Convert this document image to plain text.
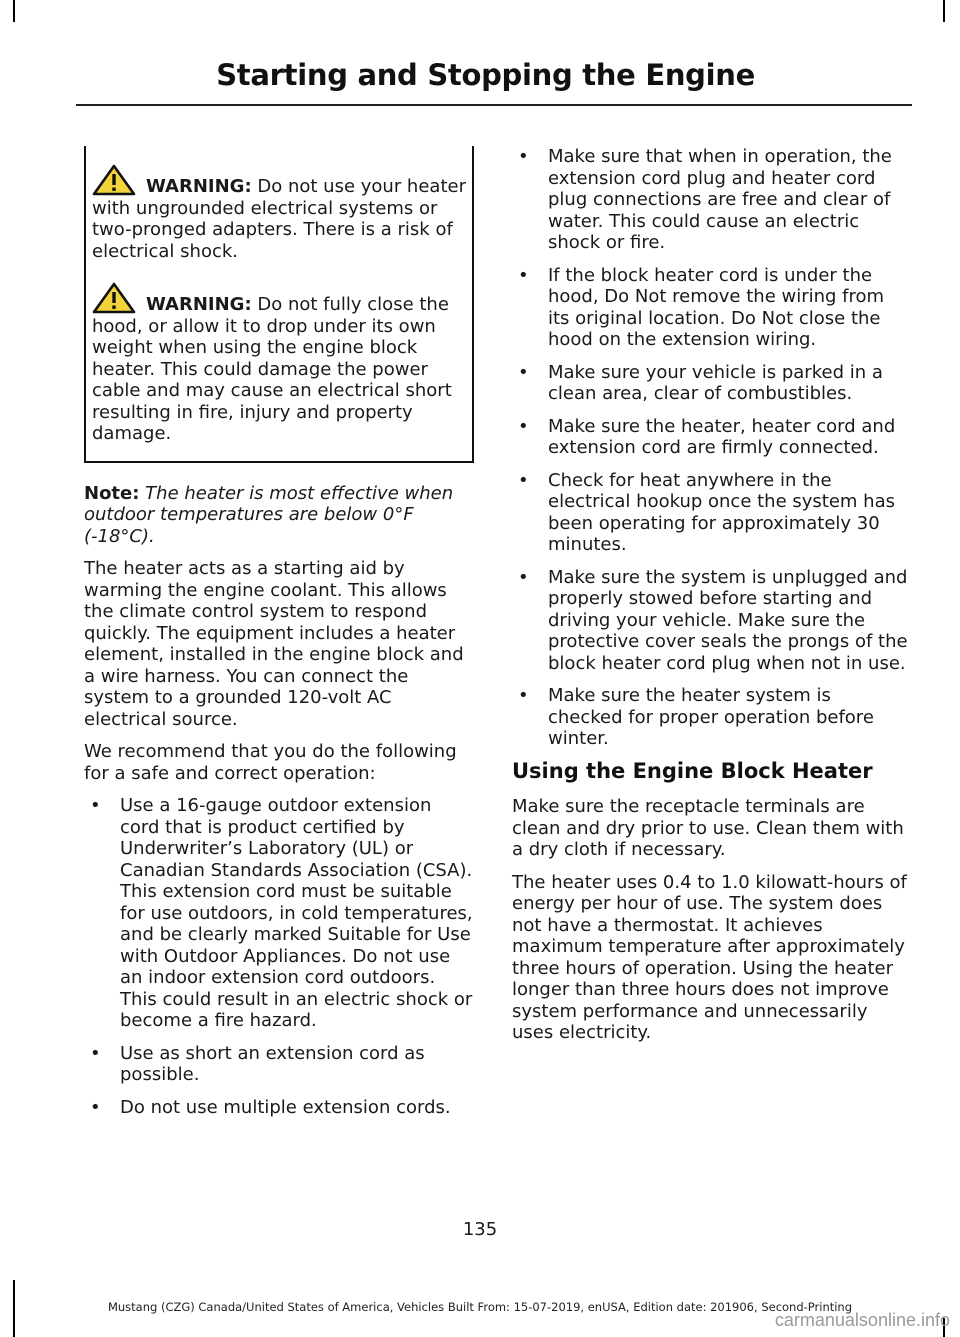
Starting and Stopping the Engine
WARNING: Do not use your heater with ungrounded electrical systems or two-pronged adapters. There is a risk of electrical shock.
WARNING: Do not fully close the hood, or allow it to drop under its own weight when using the engine block heater. This could damage the power cable and may cause an electrical short resulting in fire, injury and property damage.

Note: The heater is most effective when outdoor temperatures are below 0°F (-18°C).

The heater acts as a starting aid by warming the engine coolant. This allows the climate control system to respond quickly. The equipment includes a heater element, installed in the engine block and a wire harness. You can connect the system to a grounded 120-volt AC electrical source.

We recommend that you do the following for a safe and correct operation:

• Use a 16-gauge outdoor extension cord that is product certified by Underwriter’s Laboratory (UL) or Canadian Standards Association (CSA). This extension cord must be suitable for use outdoors, in cold temperatures, and be clearly marked Suitable for Use with Outdoor Appliances. Do not use an indoor extension cord outdoors. This could result in an electric shock or become a fire hazard.
• Use as short an extension cord as possible.
• Do not use multiple extension cords.
• Make sure that when in operation, the extension cord plug and heater cord plug connections are free and clear of water. This could cause an electric shock or fire.
• If the block heater cord is under the hood, Do Not remove the wiring from its original location. Do Not close the hood on the extension wiring.
• Make sure your vehicle is parked in a clean area, clear of combustibles.
• Make sure the heater, heater cord and extension cord are firmly connected.
• Check for heat anywhere in the electrical hookup once the system has been operating for approximately 30 minutes.
• Make sure the system is unplugged and properly stowed before starting and driving your vehicle. Make sure the protective cover seals the prongs of the block heater cord plug when not in use.
• Make sure the heater system is checked for proper operation before winter.
Using the Engine Block Heater

Make sure the receptacle terminals are clean and dry prior to use. Clean them with a dry cloth if necessary.

The heater uses 0.4 to 1.0 kilowatt-hours of energy per hour of use. The system does not have a thermostat. It achieves maximum temperature after approximately three hours of operation. Using the heater longer than three hours does not improve system performance and unnecessarily uses electricity.

135
Mustang (CZG) Canada/United States of America, Vehicles Built From: 15-07-2019, enUSA, Edition date: 201906, Second-Printing
carmanualsonline.info
